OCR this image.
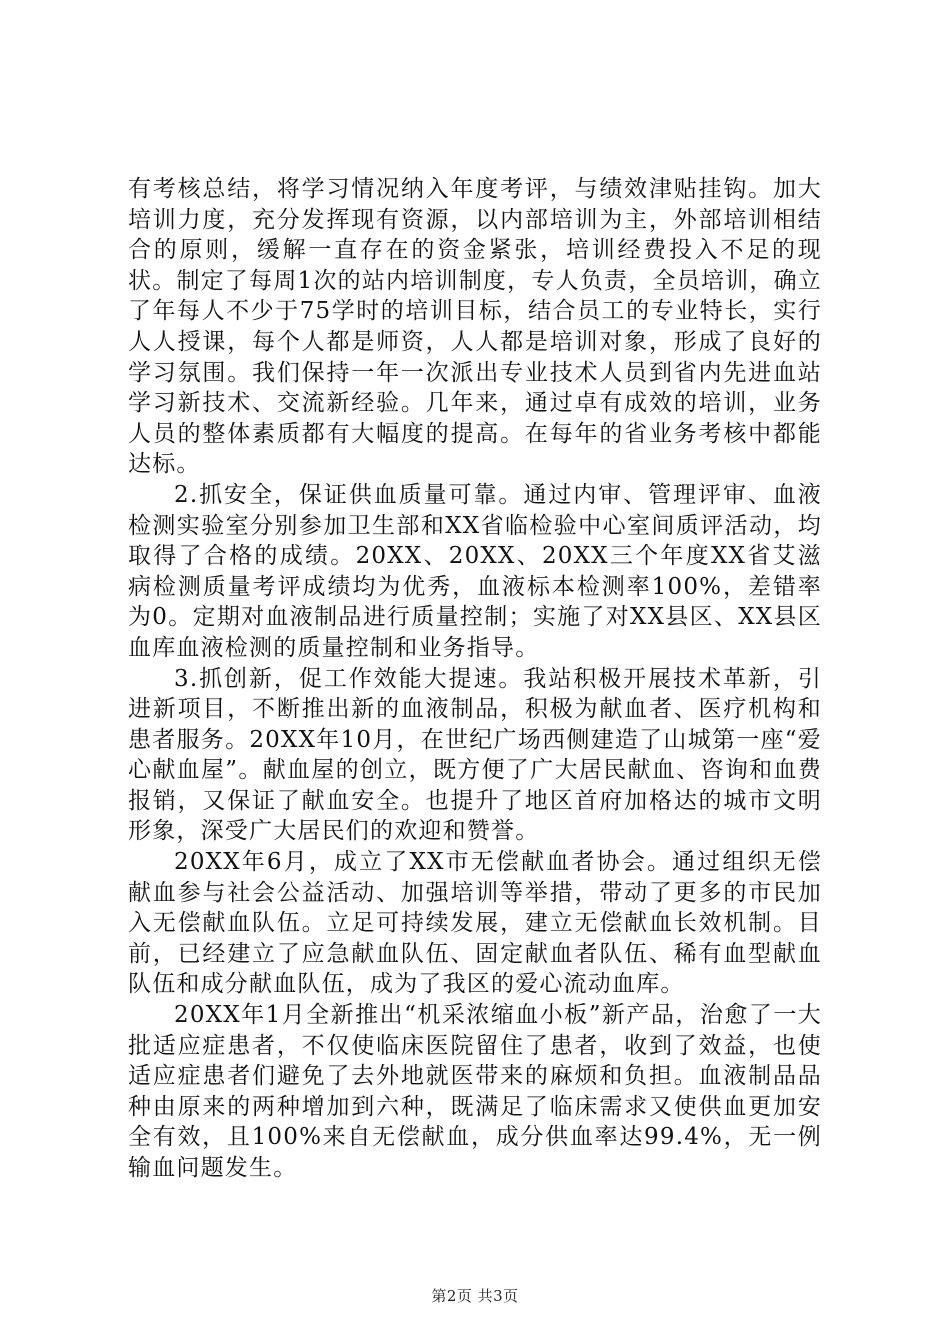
有考核总结，将学习情况纳入年度考评，与绩效津贴挂钩。加大培训力度，充分发挥现有资源，以内部培训为主，外部培训相结合的原则，缓解一直存在的资金紧张，培训经费投入不足的现状。制定了每周1次的站内培训制度，专人负责，全员培训，确立了年每人不少于75学时的培训目标，结合员工的专业特长，实行人人授课，每个人都是师资，人人都是培训对象，形成了良好的学习氛围。我们保持一年一次派出专业技术人员到省内先进血站学习新技术、交流新经验。几年来，通过卓有成效的培训，业务人员的整体素质都有大幅度的提高。在每年的省业务考核中都能达标。

2.抓安全，保证供血质量可靠。通过内审、管理评审、血液检测实验室分别参加卫生部和XX省临检验中心室间质评活动，均取得了合格的成绩。20XX、20XX、20XX三个年度XX省艾滋病检测质量考评成绩均为优秀，血液标本检测率100%，差错率为0。定期对血液制品进行质量控制；实施了对XX县区、XX县区血库血液检测的质量控制和业务指导。

3.抓创新，促工作效能大提速。我站积极开展技术革新，引进新项目，不断推出新的血液制品，积极为献血者、医疗机构和患者服务。20XX年10月，在世纪广场西侧建造了山城第一座“爱心献血屋”。献血屋的创立，既方便了广大居民献血、咨询和血费报销，又保证了献血安全。也提升了地区首府加格达的城市文明形象，深受广大居民们的欢迎和赞誉。

20XX年6月，成立了XX市无偿献血者协会。通过组织无偿献血参与社会公益活动、加强培训等举措，带动了更多的市民加入无偿献血队伍。立足可持续发展，建立无偿献血长效机制。目前，已经建立了应急献血队伍、固定献血者队伍、稀有血型献血队伍和成分献血队伍，成为了我区的爱心流动血库。

20XX年1月全新推出“机采浓缩血小板”新产品，治愈了一大批适应症患者，不仅使临床医院留住了患者，收到了效益，也使适应症患者们避免了去外地就医带来的麻烦和负担。血液制品品种由原来的两种增加到六种，既满足了临床需求又使供血更加安全有效，且100%来自无偿献血，成分供血率达99.4%，无一例输血问题发生。

第2页 共3页
